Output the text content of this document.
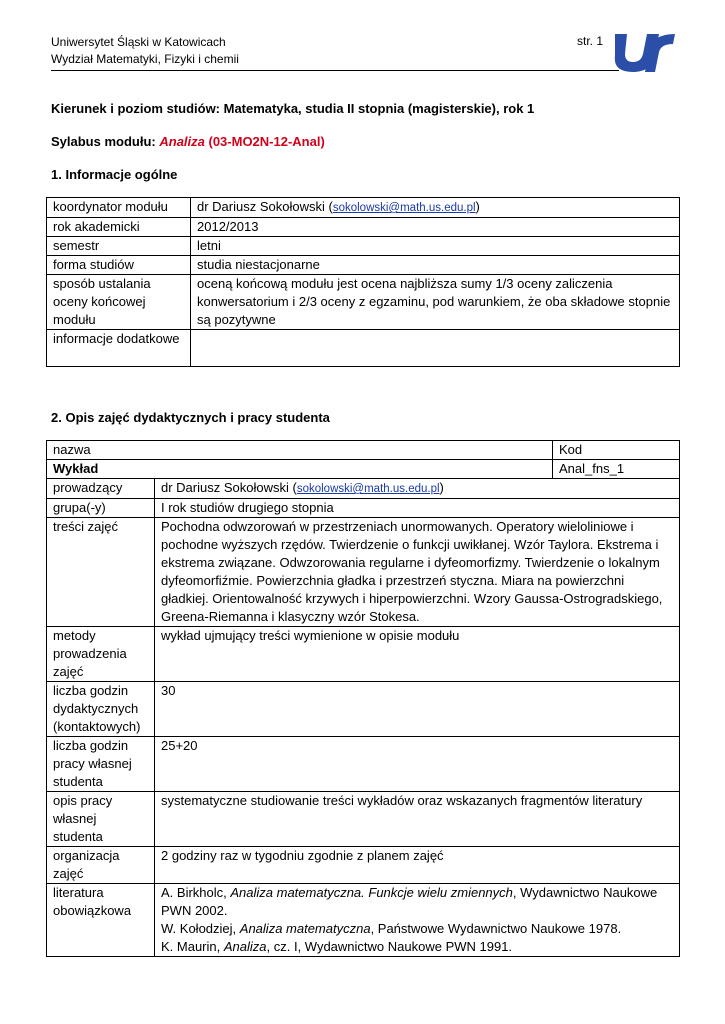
Uniwersytet Śląski w Katowicach
Wydział Matematyki, Fizyki i chemii
str. 1
Kierunek i poziom studiów: Matematyka, studia II stopnia (magisterskie), rok 1
Sylabus modułu: Analiza (03-MO2N-12-Anal)
1. Informacje ogólne
koordynator modułu	dr Dariusz Sokołowski (sokolowski@math.us.edu.pl)
rok akademicki	2012/2013
semestr	letni
forma studiów	studia niestacjonarne
sposób ustalania oceny końcowej modułu	oceną końcową modułu jest ocena najbliższa sumy 1/3 oceny zaliczenia konwersatorium i 2/3 oceny z egzaminu, pod warunkiem, że oba składowe stopnie są pozytywne
informacje dodatkowe	
2. Opis zajęć dydaktycznych i pracy studenta
nazwa		Kod
Wykład		Anal_fns_1
prowadzący	dr Dariusz Sokołowski (sokolowski@math.us.edu.pl)	
grupa(-y)	I rok studiów drugiego stopnia	
treści zajęć	Pochodna odwzorowań w przestrzeniach unormowanych. Operatory wieloliniowe i pochodne wyższych rzędów. Twierdzenie o funkcji uwikłanej. Wzór Taylora. Ekstrema i ekstrema związane. Odwzorowania regularne i dyfeomorfizmy. Twierdzenie o lokalnym dyfeomorfiźmie. Powierzchnia gładka i przestrzeń styczna. Miara na powierzchni gładkiej. Orientowalność krzywych i hiperpowierzchni. Wzory Gaussa-Ostrogradskiego, Greena-Riemanna i klasyczny wzór Stokesa.	
metody prowadzenia zajęć	wykład ujmujący treści wymienione w opisie modułu	
liczba godzin dydaktycznych (kontaktowych)	30	
liczba godzin pracy własnej studenta	25+20	
opis pracy własnej studenta	systematyczne studiowanie treści wykładów oraz wskazanych fragmentów literatury	
organizacja zajęć	2 godziny raz w tygodniu zgodnie z planem zajęć	
literatura obowiązkowa	A. Birkholc, Analiza matematyczna. Funkcje wielu zmiennych, Wydawnictwo Naukowe PWN 2002.
W. Kołodziej, Analiza matematyczna, Państwowe Wydawnictwo Naukowe 1978.
K. Maurin, Analiza, cz. I, Wydawnictwo Naukowe PWN 1991.	
